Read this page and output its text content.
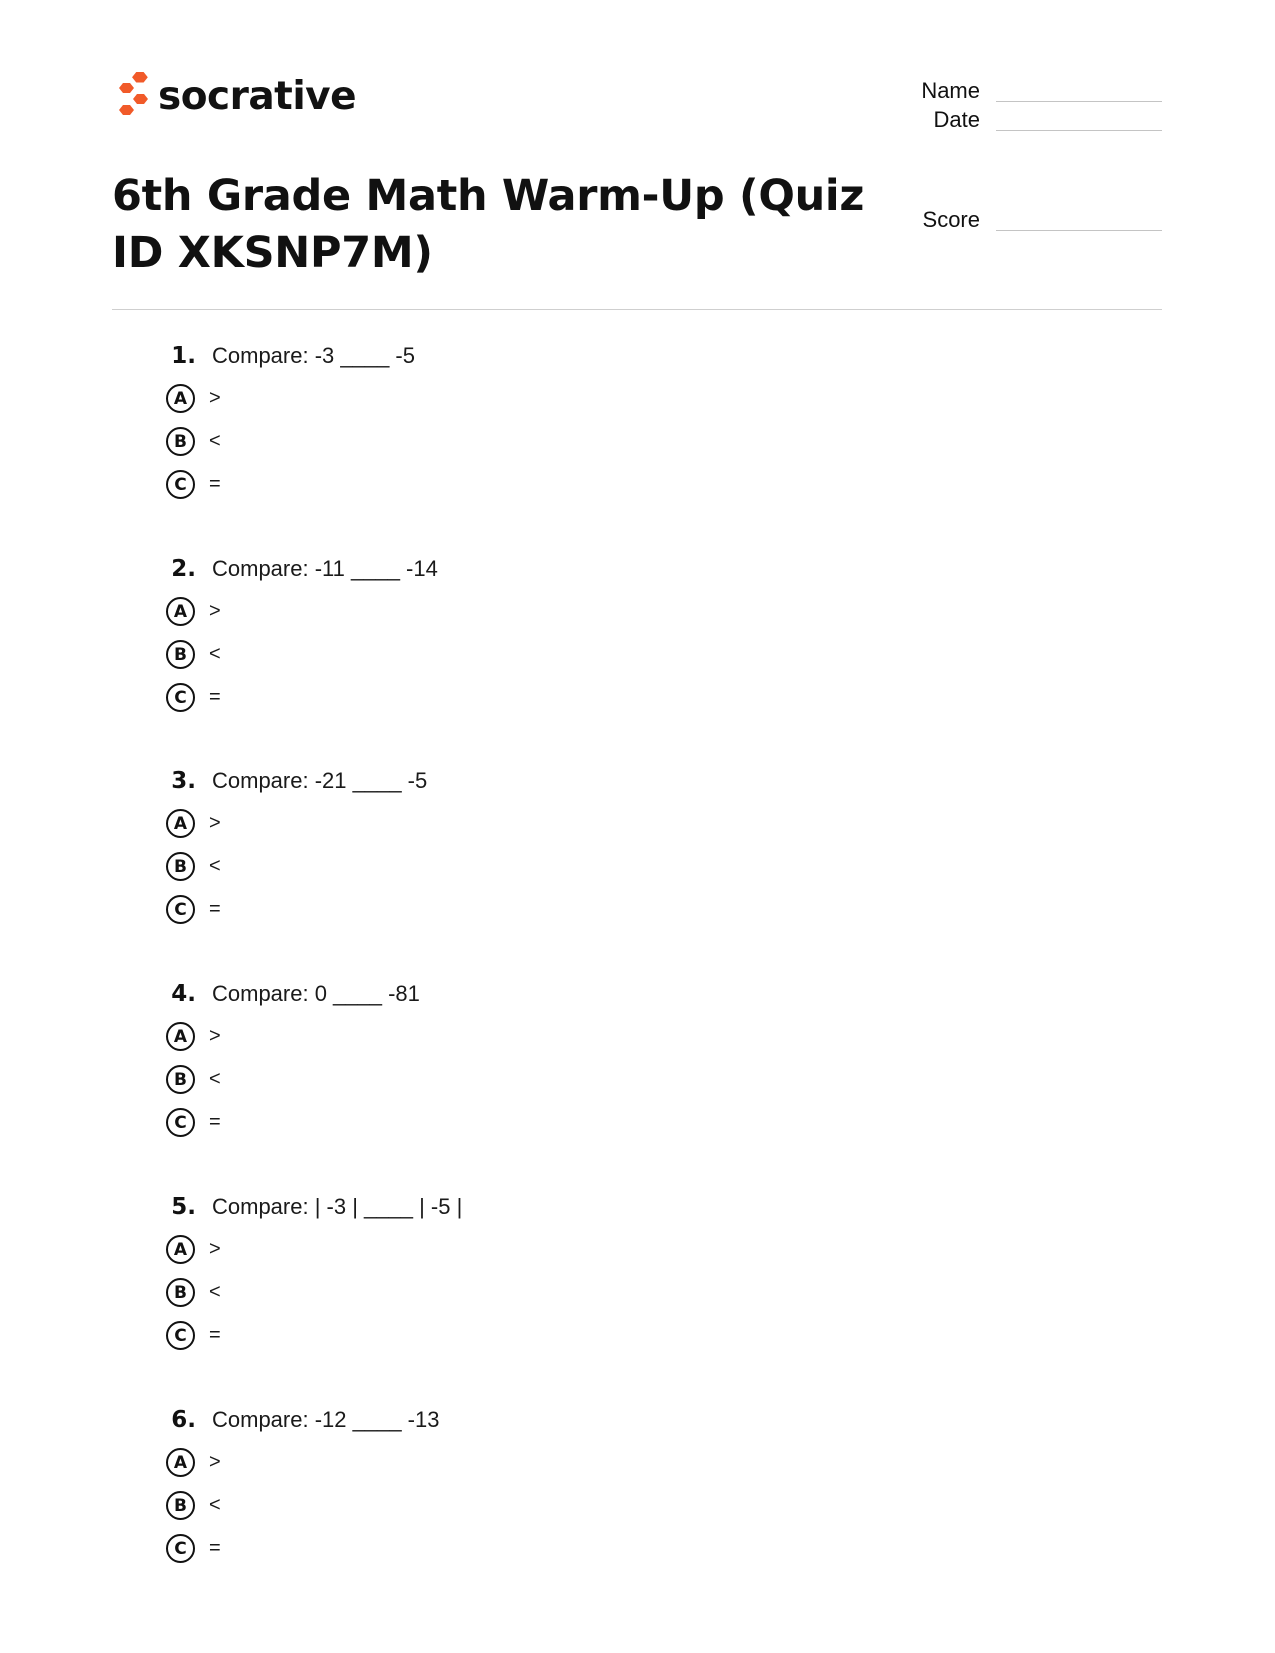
socrative	Name
Date
Score
6th Grade Math Warm-Up (Quiz ID XKSNP7M)
1. Compare: -3 ____ -5
A	>
B	<
C	=
2. Compare: -11 ____ -14
A	>
B	<
C	=
3. Compare: -21 ____ -5
A	>
B	<
C	=
4. Compare: 0 ____ -81
A	>
B	<
C	=
5. Compare: | -3 | ____ | -5 |
A	>
B	<
C	=
6. Compare: -12 ____ -13
A	>
B	<
C	=
